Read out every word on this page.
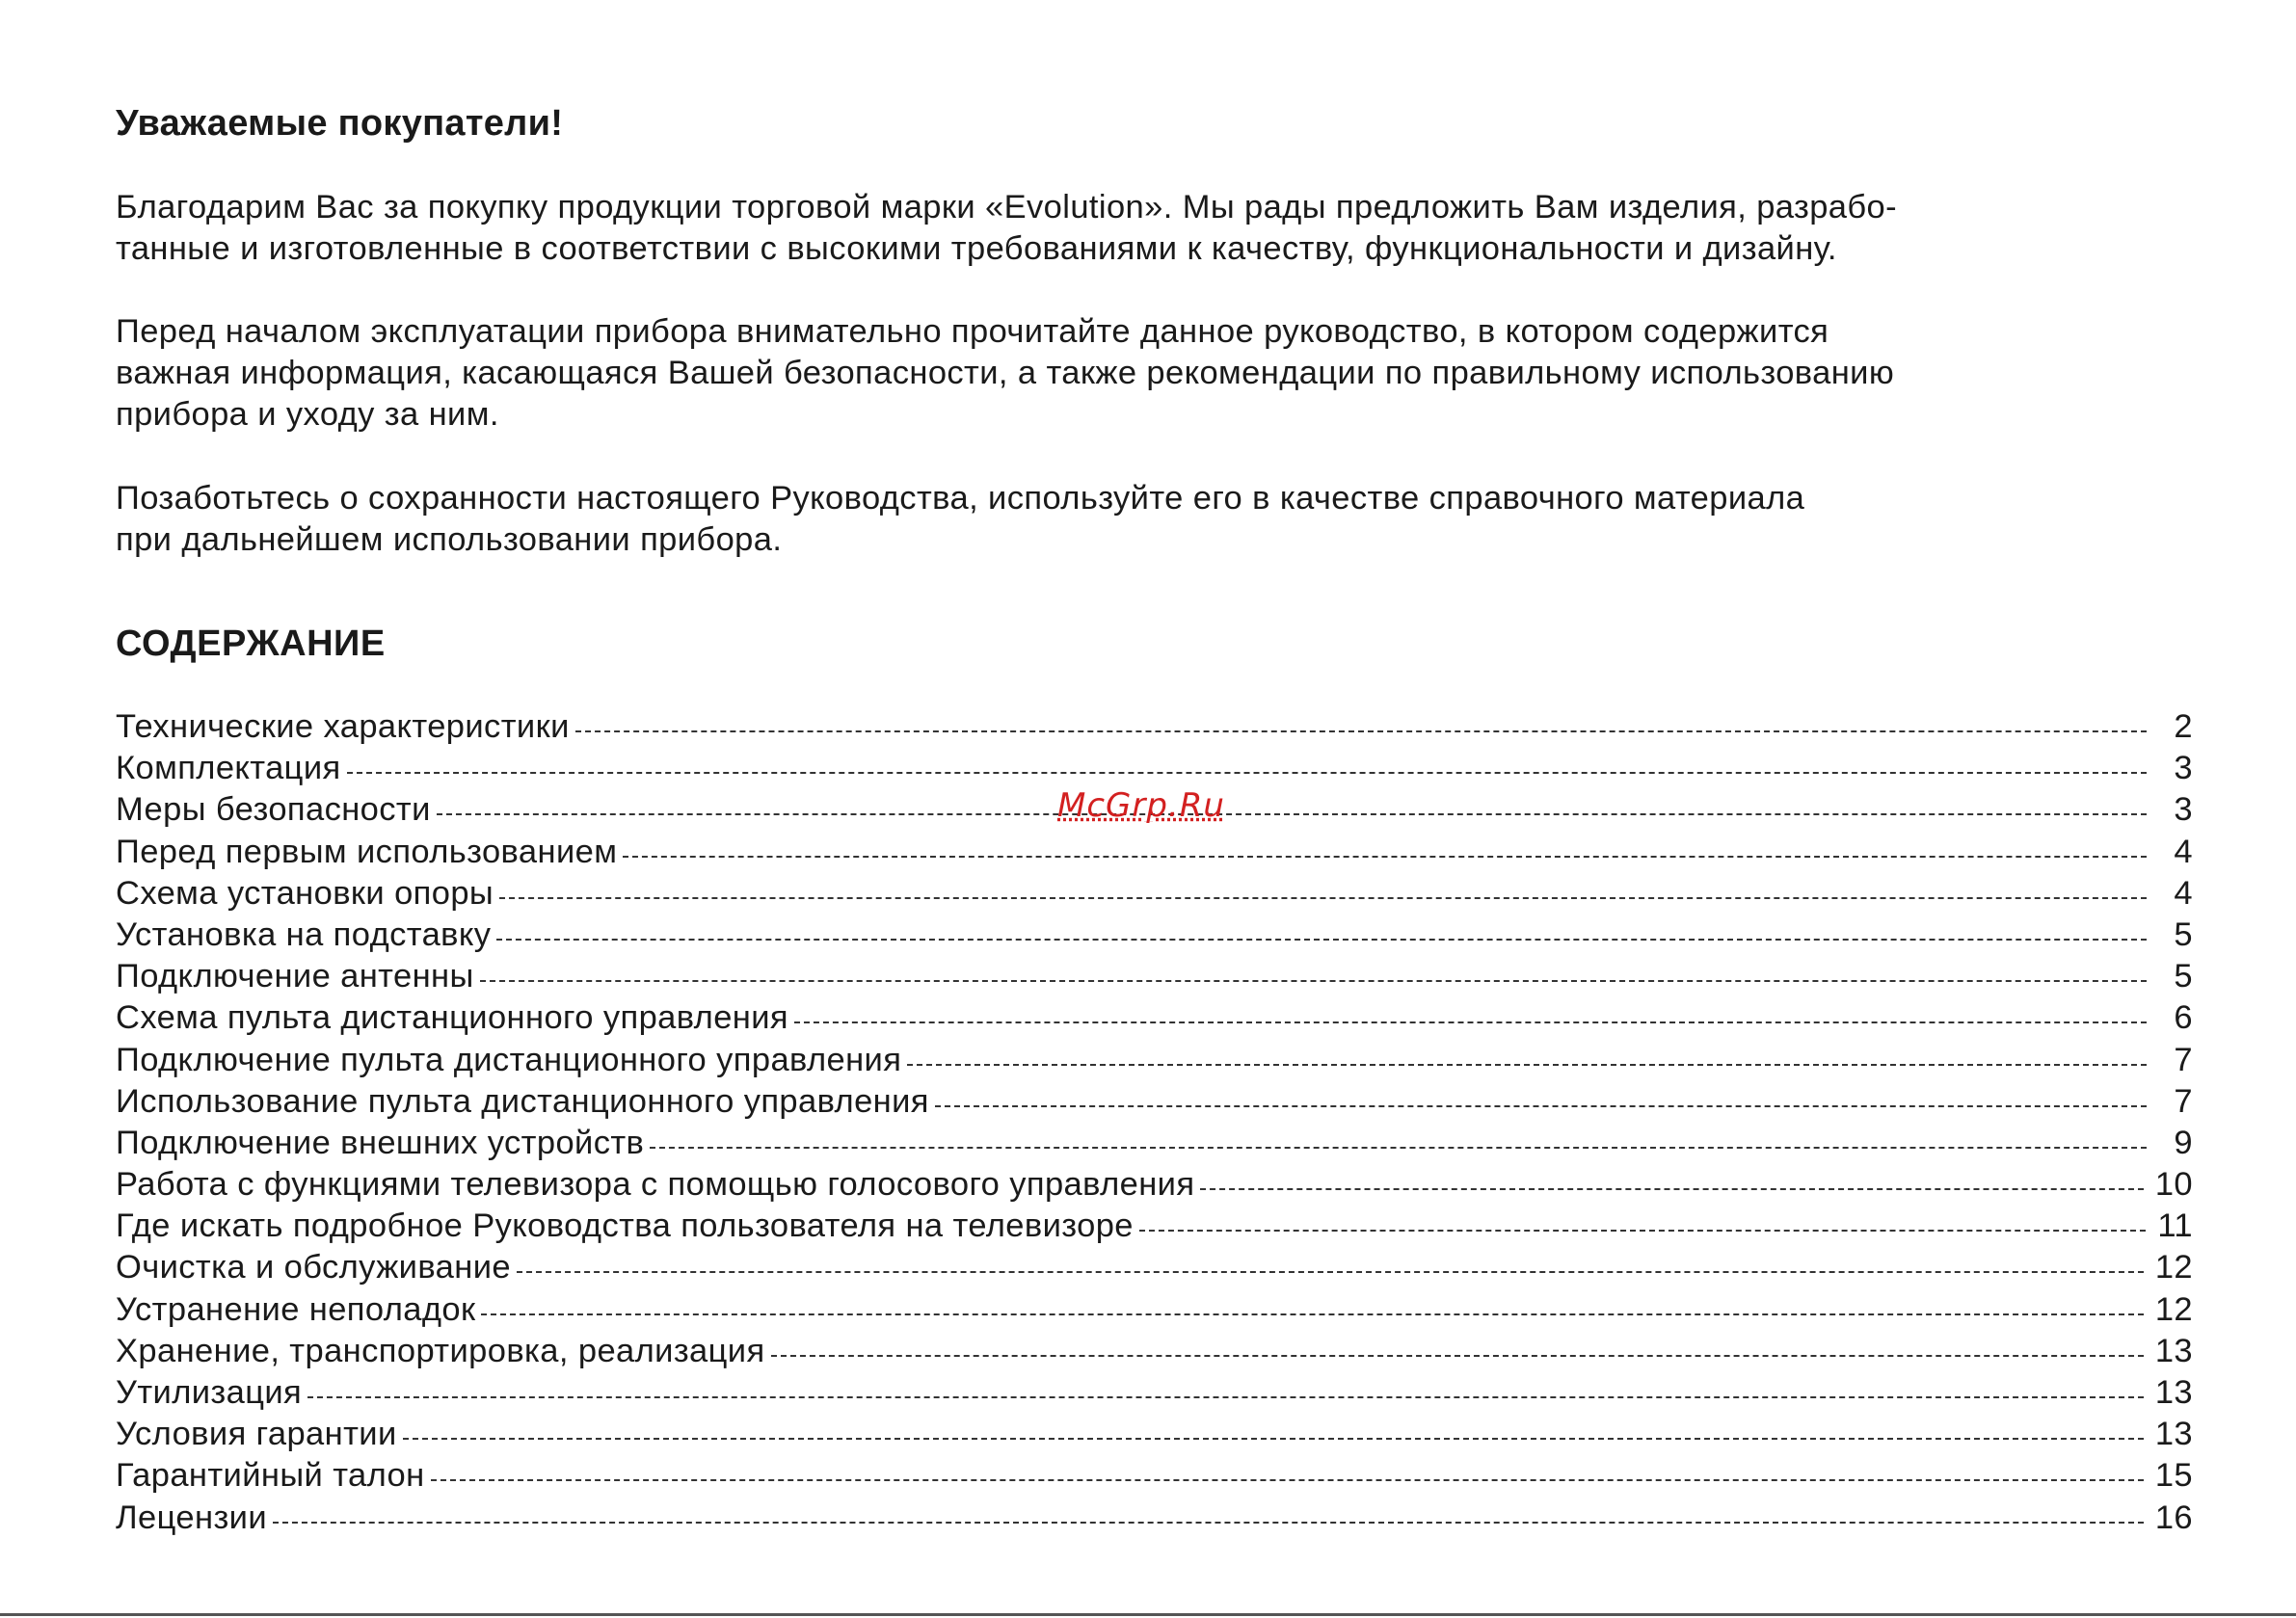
Уважаемые покупатели!

Благодарим Вас за покупку продукции торговой марки «Evolution». Мы рады предложить Вам изделия, разрабо-
танные и изготовленные в соответствии с высокими требованиями к качеству, функциональности и дизайну.

Перед началом эксплуатации прибора внимательно прочитайте данное руководство, в котором содержится
важная информация, касающаяся Вашей безопасности, а также рекомендации по правильному использованию
прибора и уходу за ним.

Позаботьтесь о сохранности настоящего Руководства, используйте его в качестве справочного материала
при дальнейшем использовании прибора.

СОДЕРЖАНИЕ
Технические характеристики	2
Комплектация	3
Меры безопасности	3
Перед первым использованием	4
Схема установки опоры	4
Установка на подставку	5
Подключение антенны	5
Схема пульта дистанционного управления	6
Подключение пульта дистанционного управления	7
Использование пульта дистанционного управления	7
Подключение внешних устройств	9
Работа с функциями телевизора с помощью голосового управления	10
Где искать подробное Руководства пользователя на телевизоре	11
Очистка и обслуживание	12
Устранение неполадок	12
Хранение, транспортировка, реализация	13
Утилизация	13
Условия гарантии	13
Гарантийный талон	15
Лецензии	16
McGrp.Ru
